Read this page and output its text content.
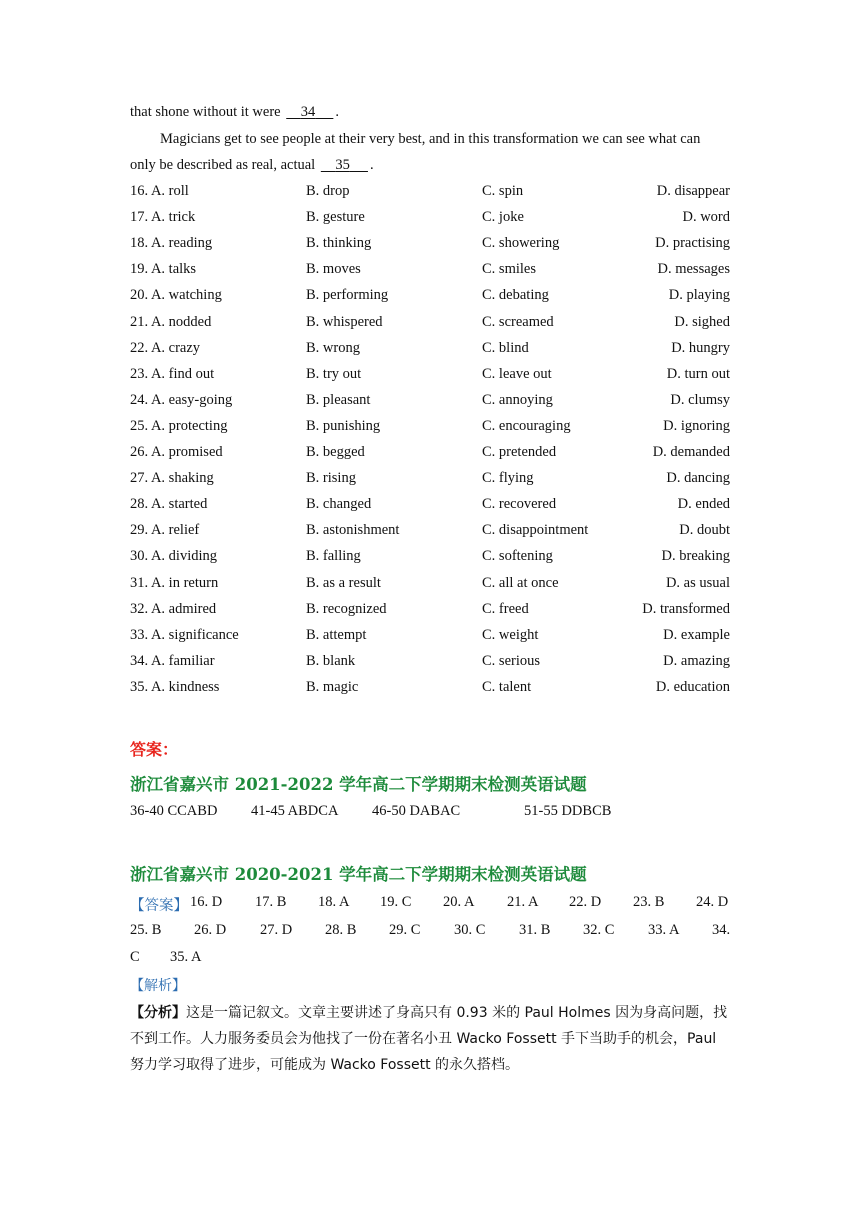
that shone without it were     34 .
Magicians get to see people at their very best, and in this transformation we can see what can
only be described as real, actual     35 .
16. A. roll	B. drop	C. spin	D. disappear
17. A. trick	B. gesture	C. joke	D. word
18. A. reading	B. thinking	C. showering	D. practising
19. A. talks	B. moves	C. smiles	D. messages
20. A. watching	B. performing	C. debating	D. playing
21. A. nodded	B. whispered	C. screamed	D. sighed
22. A. crazy	B. wrong	C. blind	D. hungry
23. A. find out	B. try out	C. leave out	D. turn out
24. A. easy-going	B. pleasant	C. annoying	D. clumsy
25. A. protecting	B. punishing	C. encouraging	D. ignoring
26. A. promised	B. begged	C. pretended	D. demanded
27. A. shaking	B. rising	C. flying	D. dancing
28. A. started	B. changed	C. recovered	D. ended
29. A. relief	B. astonishment	C. disappointment	D. doubt
30. A. dividing	B. falling	C. softening	D. breaking
31. A. in return	B. as a result	C. all at once	D. as usual
32. A. admired	B. recognized	C. freed	D. transformed
33. A. significance	B. attempt	C. weight	D. example
34. A. familiar	B. blank	C. serious	D. amazing
35. A. kindness	B. magic	C. talent	D. education
答案：
浙江省嘉兴市 2021-2022 学年高二下学期期末检测英语试题
36-40 CCABD 41-45 ABDCA 46-50 DABAC	51-55 DDBCB
浙江省嘉兴市 2020-2021 学年高二下学期期末检测英语试题
【答案】 16. D 17. B 18. A 19. C 20. A 21. A 22. D 23. B 24. D
25. B 26. D 27. D 28. B 29. C 30. C 31. B 32. C 33. A 34.
C 35. A
【解析】
【分析】这是一篇记叙文。文章主要讲述了身高只有 0.93 米的 Paul Holmes 因为身高问题，找不到工作。人力服务委员会为他找了一份在著名小丑 Wacko Fossett 手下当助手的机会，Paul 努力学习取得了进步，可能成为 Wacko Fossett 的永久搭档。
